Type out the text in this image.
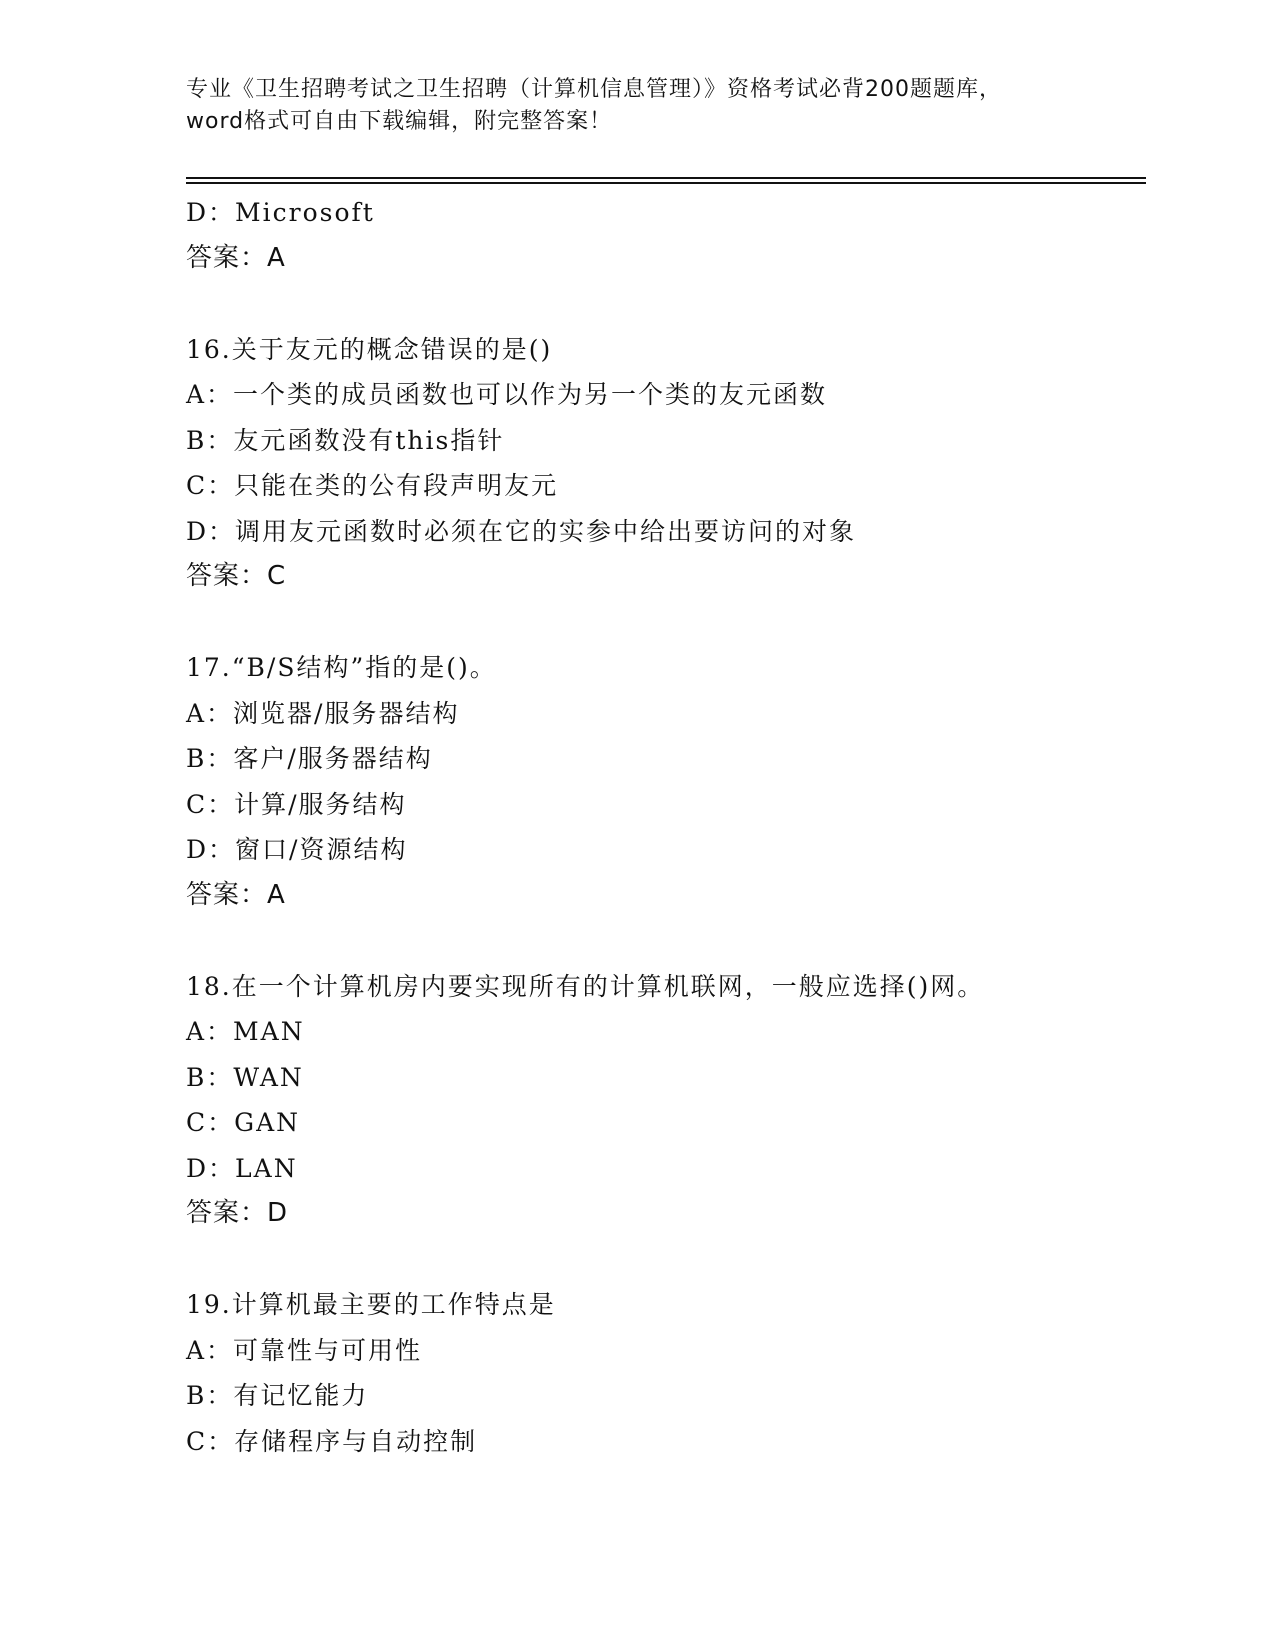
专业《卫生招聘考试之卫生招聘（计算机信息管理）》资格考试必背200题题库，
word格式可自由下载编辑，附完整答案！
D：Microsoft
答案：A
16.关于友元的概念错误的是()
A：一个类的成员函数也可以作为另一个类的友元函数
B：友元函数没有this指针
C：只能在类的公有段声明友元
D：调用友元函数时必须在它的实参中给出要访问的对象
答案：C
17.“B/S结构”指的是()。
A：浏览器/服务器结构
B：客户/服务器结构
C：计算/服务结构
D：窗口/资源结构
答案：A
18.在一个计算机房内要实现所有的计算机联网，一般应选择()网。
A：MAN
B：WAN
C：GAN
D：LAN
答案：D
19.计算机最主要的工作特点是
A：可靠性与可用性
B：有记忆能力
C：存储程序与自动控制
